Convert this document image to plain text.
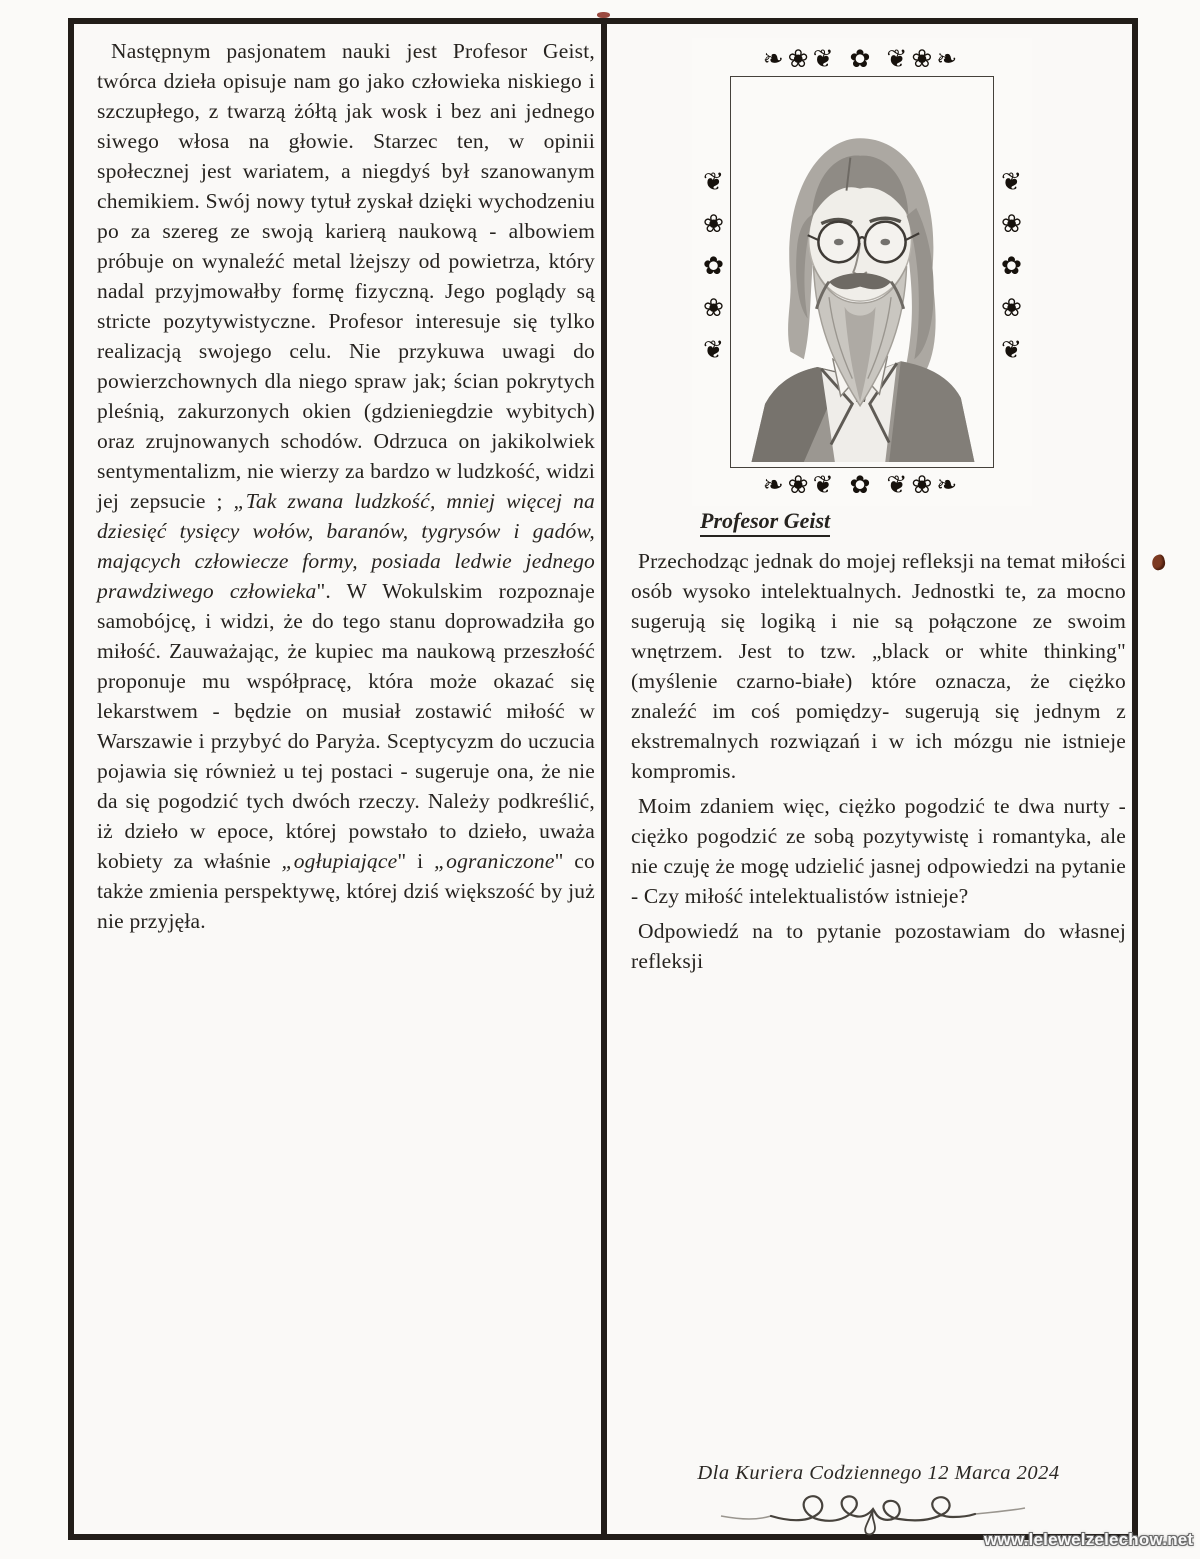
Następnym pasjonatem nauki jest Profesor Geist, twórca dzieła opisuje nam go jako człowieka niskiego i szczupłego, z twarzą żółtą jak wosk i bez ani jednego siwego włosa na głowie. Starzec ten, w opinii społecznej jest wariatem, a niegdyś był szanowanym chemikiem. Swój nowy tytuł zyskał dzięki wychodzeniu po za szereg ze swoją karierą naukową - albowiem próbuje on wynaleźć metal lżejszy od powietrza, który nadal przyjmowałby formę fizyczną. Jego poglądy są stricte pozytywistyczne. Profesor interesuje się tylko realizacją swojego celu. Nie przykuwa uwagi do powierzchownych dla niego spraw jak; ścian pokrytych pleśnią, zakurzonych okien (gdzieniegdzie wybitych) oraz zrujnowanych schodów. Odrzuca on jakikolwiek sentymentalizm, nie wierzy za bardzo w ludzkość, widzi jej zepsucie ; „Tak zwana ludzkość, mniej więcej na dziesięć tysięcy wołów, baranów, tygrysów i gadów, mających człowiecze formy, posiada ledwie jednego prawdziwego człowieka". W Wokulskim rozpoznaje samobójcę, i widzi, że do tego stanu doprowadziła go miłość. Zauważając, że kupiec ma naukową przeszłość proponuje mu współpracę, która może okazać się lekarstwem - będzie on musiał zostawić miłość w Warszawie i przybyć do Paryża. Sceptycyzm do uczucia pojawia się również u tej postaci - sugeruje ona, że nie da się pogodzić tych dwóch rzeczy. Należy podkreślić, iż dzieło w epoce, której powstało to dzieło, uważa kobiety za właśnie „ogłupiające" i „ograniczone" co także zmienia perspektywę, której dziś większość by już nie przyjęła.

❧❀❦ ✿ ❦❀❧
❧❀❦ ✿ ❦❀❧
❦❀✿❀❦	❦❀✿❀❦
Profesor Geist

Przechodząc jednak do mojej refleksji na temat miłości osób wysoko intelektualnych. Jednostki te, za mocno sugerują się logiką i nie są połączone ze swoim wnętrzem. Jest to tzw. „black or white thinking" (myślenie czarno-białe) które oznacza, że ciężko znaleźć im coś pomiędzy- sugerują się jednym z ekstremalnych rozwiązań i w ich mózgu nie istnieje kompromis.

Moim zdaniem więc, ciężko pogodzić te dwa nurty - ciężko pogodzić ze sobą pozytywistę i romantyka, ale nie czuję że mogę udzielić jasnej odpowiedzi na pytanie - Czy miłość intelektualistów istnieje?

Odpowiedź na to pytanie pozostawiam do własnej refleksji

Dla Kuriera Codziennego 12 Marca 2024
www.lelewelzelechow.net
